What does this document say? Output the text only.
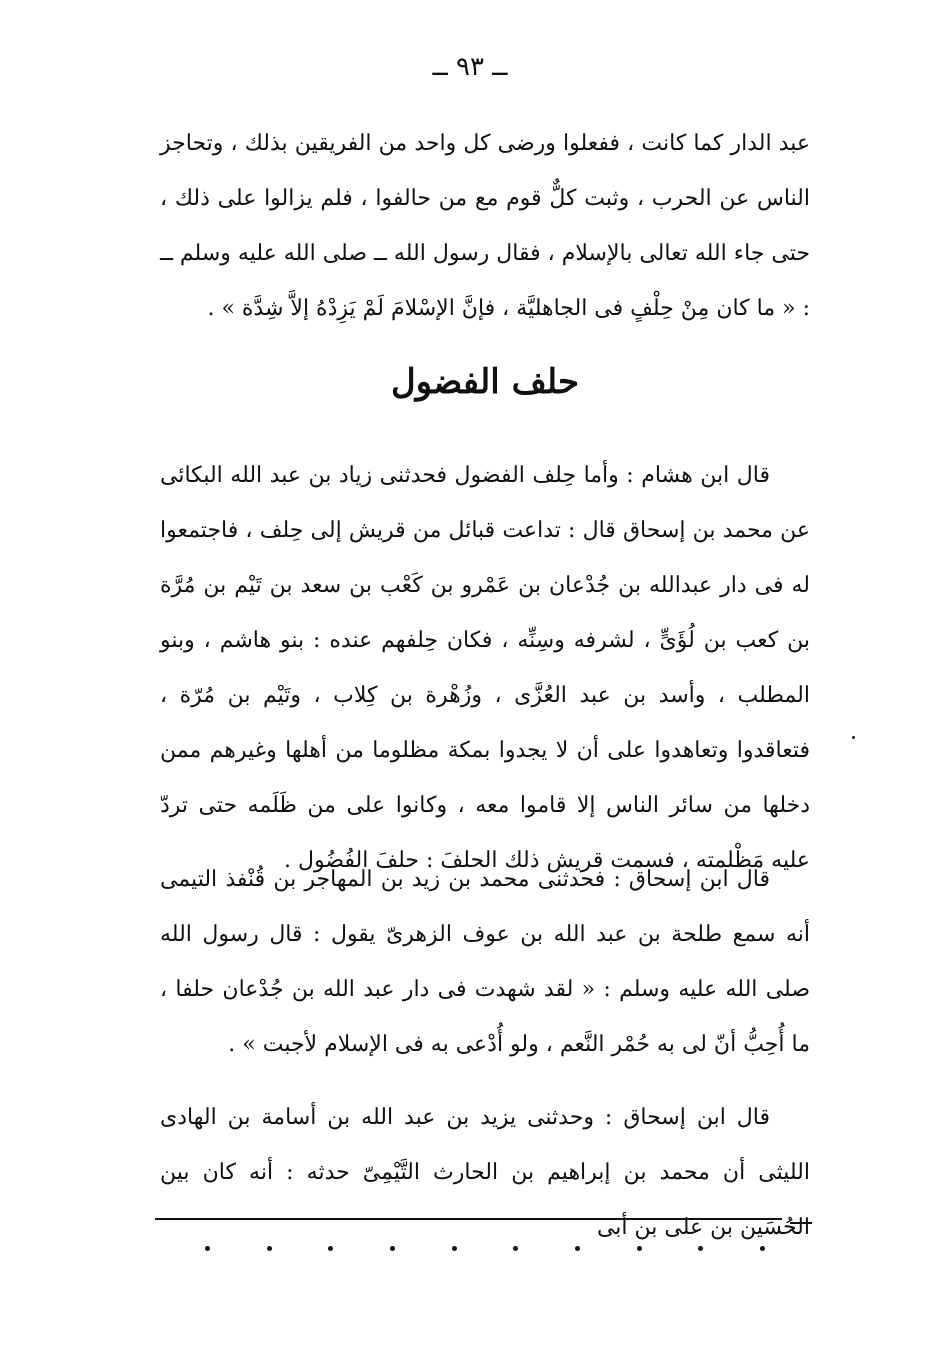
ــ ٩٣ ــ

عبد الدار كما كانت ، ففعلوا ورضى كل واحد من الفريقين بذلك ، وتحاجز الناس عن الحرب ، وثبت كلٌّ قوم مع من حالفوا ، فلم يزالوا على ذلك ، حتى جاء الله تعالى بالإسلام ، فقال رسول الله ــ صلى الله عليه وسلم ــ : « ما كان مِنْ حِلْفٍ فى الجاهليَّة ، فإنَّ الإسْلامَ لَمْ يَزِدْهُ إلاَّ شِدَّة » .

حلف الفضول

قال ابن هشام : وأما حِلف الفضول فحدثنى زياد بن عبد الله البكائى عن محمد بن إسحاق قال : تداعت قبائل من قريش إلى حِلف ، فاجتمعوا له فى دار عبدالله بن جُدْعان بن عَمْرو بن كَعْب بن سعد بن تَيْم بن مُرَّة بن كعب بن لُؤَىٍّ ، لشرفه وسِنِّه ، فكان حِلفهم عنده : بنو هاشم ، وبنو المطلب ، وأسد بن عبد العُزَّى ، وزُهْرة بن كِلاب ، وتَيْم بن مُرّة ، فتعاقدوا وتعاهدوا على أن لا يجدوا بمكة مظلوما من أهلها وغيرهم ممن دخلها من سائر الناس إلا قاموا معه ، وكانوا على من ظَلَمه حتى تردّ عليه مَظْلمته ، فسمت قريش ذلك الحلفَ : حلفَ الفُضُول .

قال ابن إسحاق : فحدثنى محمد بن زيد بن المهاجر بن قُنْفذ التيمى أنه سمع طلحة بن عبد الله بن عوف الزهرىّ يقول : قال رسول الله صلى الله عليه وسلم : « لقد شهدت فى دار عبد الله بن جُدْعان حلفا ، ما أُحِبُّ أنّ لى به حُمْر النَّعم ، ولو أُدْعى به فى الإسلام لأجبت » .

قال ابن إسحاق : وحدثنى يزيد بن عبد الله بن أسامة بن الهادى الليثى أن محمد بن إبراهيم بن الحارث التَّيْمِىّ حدثه : أنه كان بين الحُسَين بن على بن أبى
